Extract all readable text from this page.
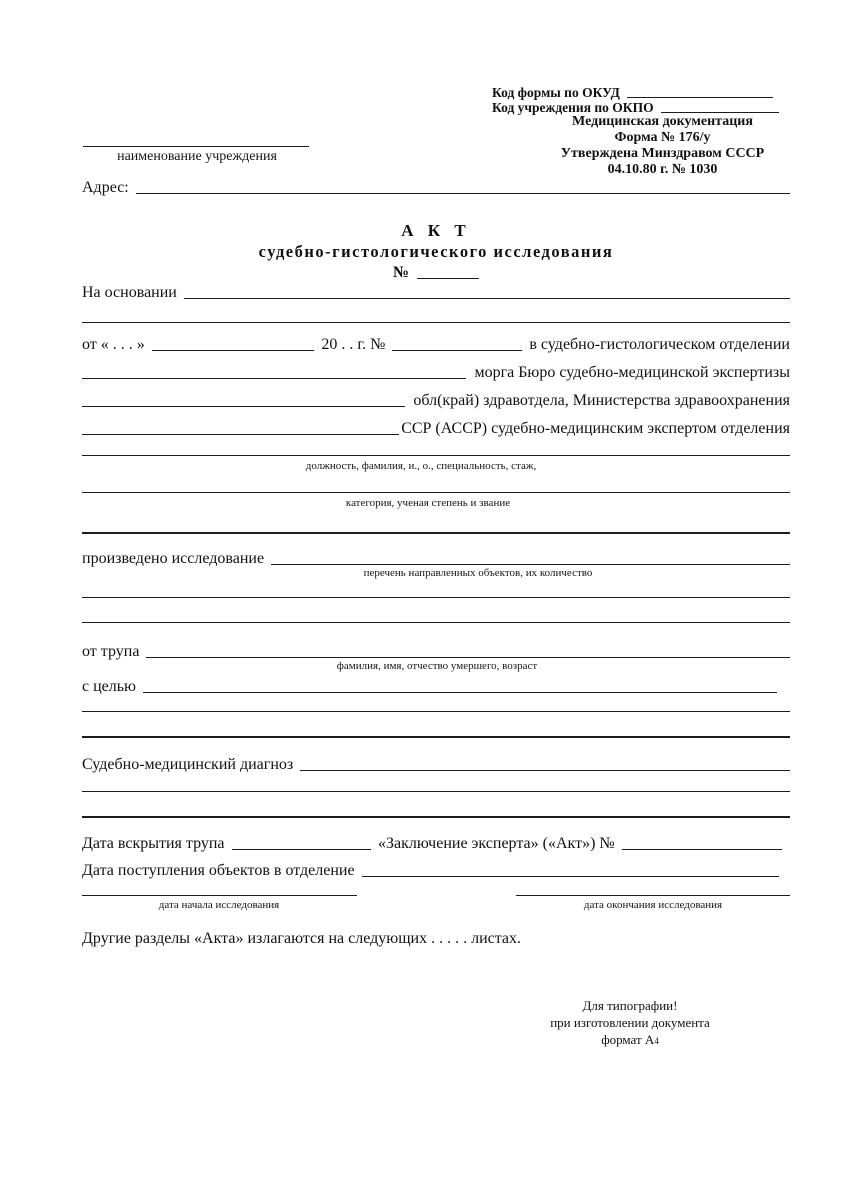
Код формы по ОКУД
Код учреждения по ОКПО
Медицинская документация
Форма № 176/у
Утверждена Минздравом СССР
04.10.80 г. № 1030
наименование учреждения
Адрес:
А К Т
судебно-гистологического исследования
№
На основании
от « . . . »	20 . . г. №	в судебно-гистологическом отделении
морга Бюро судебно-медицинской экспертизы
обл(край) здравотдела, Министерства здравоохранения
ССР (АССР) судебно-медицинским экспертом отделения
должность, фамилия, и., о., специальность, стаж,
категория, ученая степень и звание
произведено исследование
перечень направленных объектов, их количество
от трупа
фамилия, имя, отчество умершего, возраст
с целью
Судебно-медицинский диагноз
Дата вскрытия трупа	«Заключение эксперта» («Акт») №
Дата поступления объектов в отделение
дата начала исследования	дата окончания исследования
Другие разделы «Акта» излагаются на следующих . . . . . листах.
Для типографии!
при изготовлении документа
формат А4
